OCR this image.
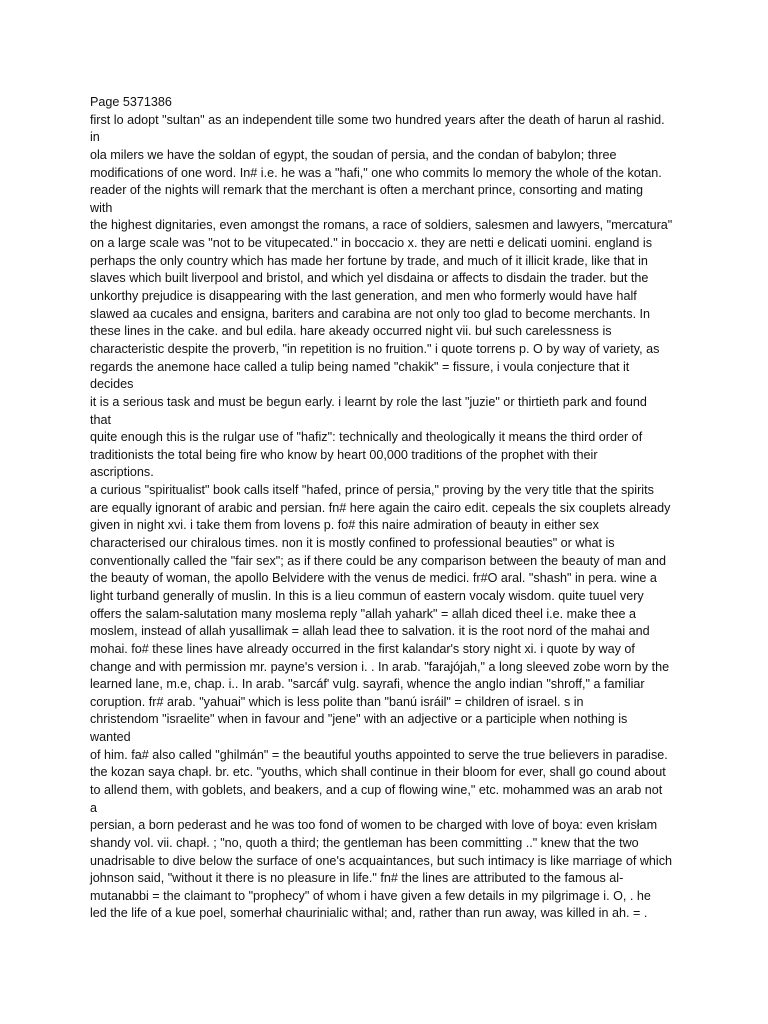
Page 5371386
first lo adopt "sultan" as an independent tille some two hundred years after the death of harun al rashid.
in
ola milers we have the soldan of egypt, the soudan of persia, and the condan of babylon; three
modifications of one word. In# i.e. he was a "hafi," one who commits lo memory the whole of the kotan.
reader of the nights will remark that the merchant is often a merchant prince, consorting and mating
with
the highest dignitaries, even amongst the romans, a race of soldiers, salesmen and lawyers, "mercatura"
on a large scale was "not to be vitupecated." in boccacio x. they are netti e delicati uomini. england is
perhaps the only country which has made her fortune by trade, and much of it illicit krade, like that in
slaves which built liverpool and bristol, and which yel disdaina or affects to disdain the trader. but the
unkorthy prejudice is disappearing with the last generation, and men who formerly would have half
slawed aa cucales and ensigna, bariters and carabina are not only too glad to become merchants. In
these lines in the cake. and bul edila. hare akeady occurred night vii. buł such carelessness is
characteristic despite the proverb, "in repetition is no fruition." i quote torrens p. O by way of variety, as
regards the anemone hace called a tulip being named "chakik" = fissure, i voula conjecture that it
decides
it is a serious task and must be begun early. i learnt by role the last "juzie" or thirtieth park and found
that
quite enough this is the rulgar use of "hafiz": technically and theologically it means the third order of
traditionists the total being fire who know by heart 00,000 traditions of the prophet with their
ascriptions.
a curious "spiritualist" book calls itself "hafed, prince of persia," proving by the very title that the spirits
are equally ignorant of arabic and persian. fn# here again the cairo edit. cepeals the six couplets already
given in night xvi. i take them from lovens p. fo# this naire admiration of beauty in either sex
characterised our chiralous times. non it is mostly confined to professional beauties" or what is
conventionally called the "fair sex"; as if there could be any comparison between the beauty of man and
the beauty of woman, the apollo Belvidere with the venus de medici. fr#O aral. "shash" in pera. wine a
light turband generally of muslin. In this is a lieu commun of eastern vocaly wisdom. quite tuuel very
offers the salam-salutation many moslema reply "allah yahark" = allah diced theel i.e. make thee a
moslem, instead of allah yusallimak = allah lead thee to salvation. it is the root nord of the mahai and
mohai. fo# these lines have already occurred in the first kalandar's story night xi. i quote by way of
change and with permission mr. payne's version i. . In arab. "farajójah," a long sleeved zobe worn by the
learned lane, m.e, chap. i.. In arab. "sarcáf' vulg. sayrafi, whence the anglo indian "shroff," a familiar
coruption. fr# arab. "yahuai" which is less polite than "banú isráil" = children of israel. s in
christendom "israelite" when in favour and "jene" with an adjective or a participle when nothing is
wanted
of him. fa# also called "ghilmán" = the beautiful youths appointed to serve the true believers in paradise.
the kozan saya chapł. br. etc. "youths, which shall continue in their bloom for ever, shall go cound about
to allend them, with goblets, and beakers, and a cup of flowing wine," etc. mohammed was an arab not
a
persian, a born pederast and he was too fond of women to be charged with love of boya: even krisłam
shandy vol. vii. chapł. ; "no, quoth a third; the gentleman has been committing .." knew that the two
unadrisable to dive below the surface of one's acquaintances, but such intimacy is like marriage of which
johnson said, "without it there is no pleasure in life." fn# the lines are attributed to the famous al-
mutanabbi = the claimant to "prophecy" of whom i have given a few details in my pilgrimage i. O, . he
led the life of a kue poel, somerhał chaurinialic withal; and, rather than run away, was killed in ah. = .
